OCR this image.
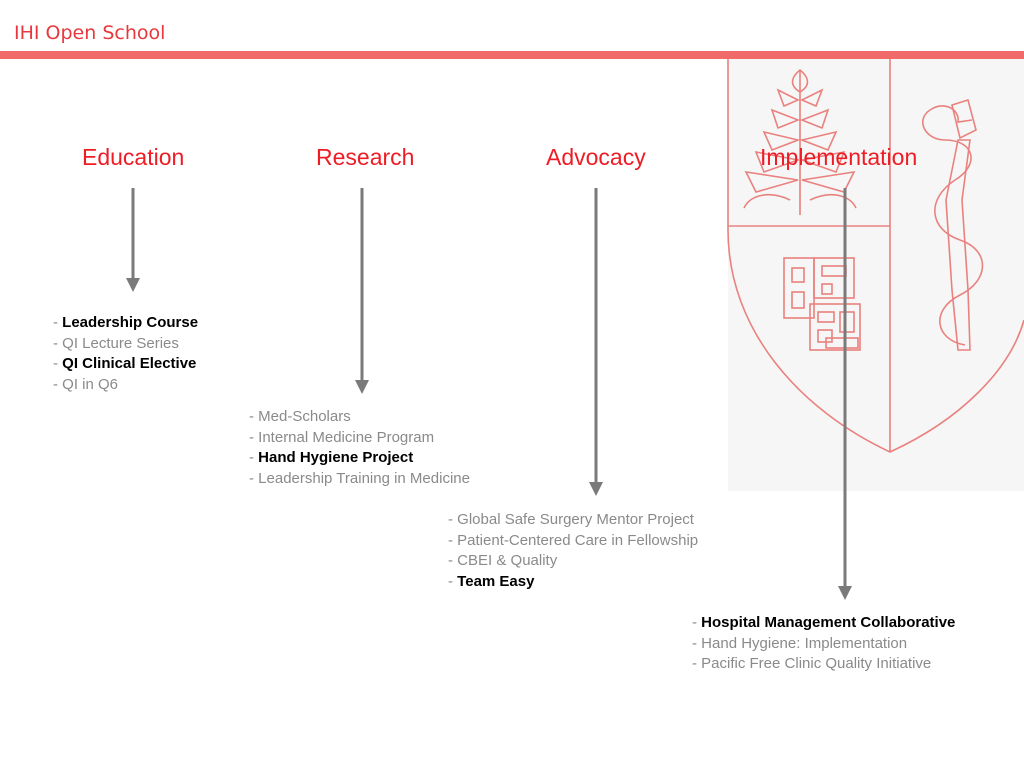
IHI Open School
Education	Research	Advocacy	Implementation
- Leadership Course
- QI Lecture Series
- QI Clinical Elective
- QI in Q6
- Med-Scholars
- Internal Medicine Program
- Hand Hygiene Project
- Leadership Training in Medicine
- Global Safe Surgery Mentor Project
- Patient-Centered Care in Fellowship
- CBEI & Quality
- Team Easy
- Hospital Management Collaborative
- Hand Hygiene: Implementation
- Pacific Free Clinic Quality Initiative
